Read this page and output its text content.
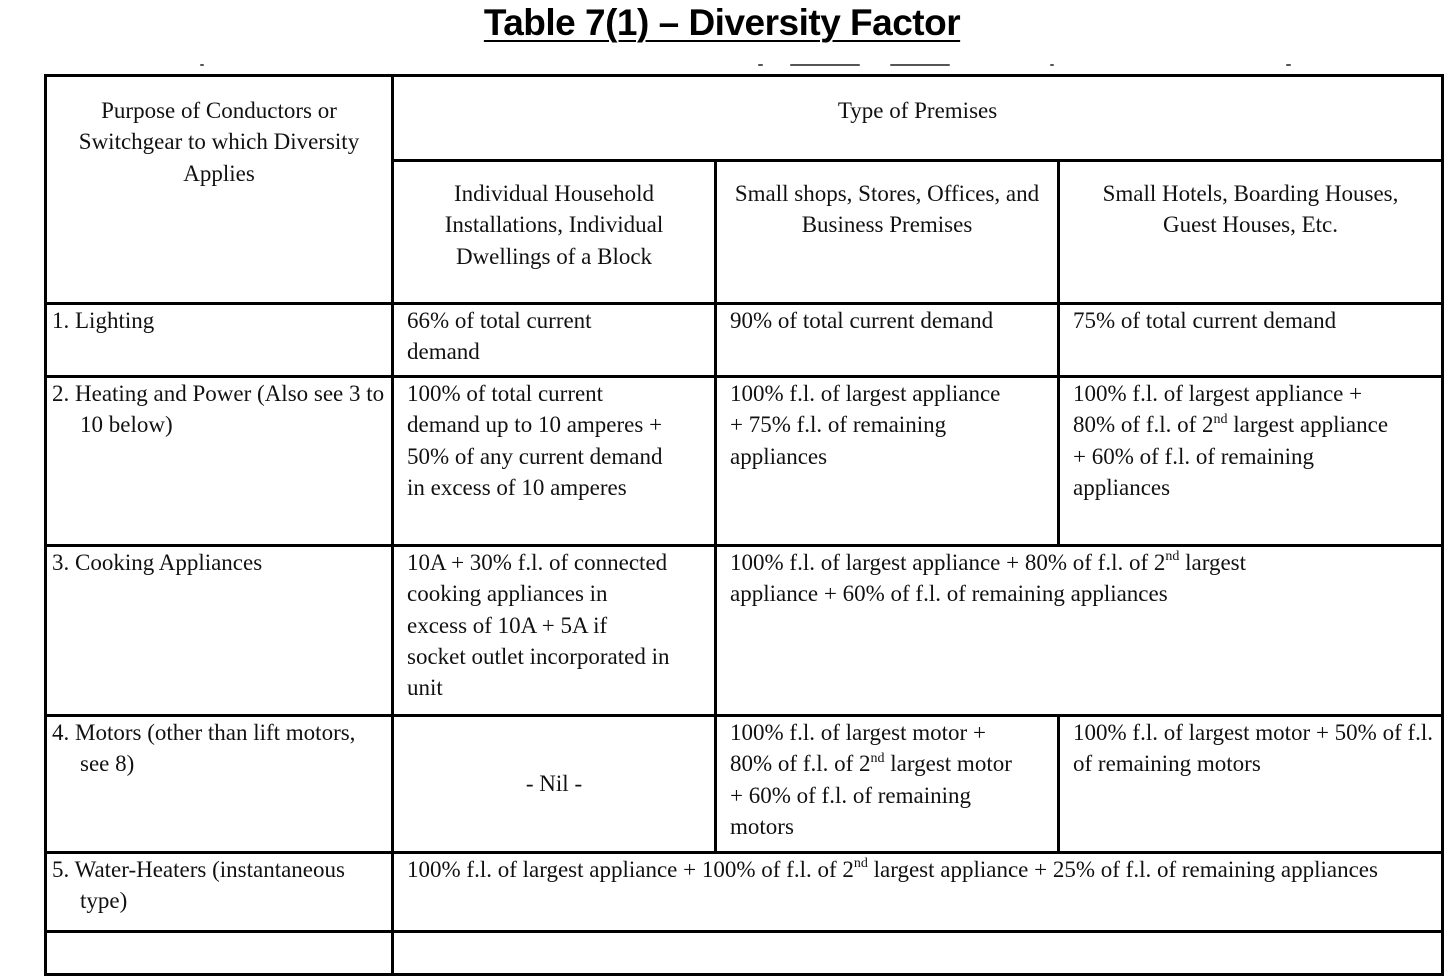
Table 7(1) – Diversity Factor
Purpose of Conductors or Switchgear to which Diversity Applies	Type of Premises		
	Individual Household Installations, Individual Dwellings of a Block	Small shops, Stores, Offices, and Business Premises	Small Hotels, Boarding Houses, Guest Houses, Etc.

1. Lighting	66% of total current demand	90% of total current demand	75% of total current demand

2. Heating and Power (Also see 3 to 10 below)	100% of total current demand up to 10 amperes + 50% of any current demand in excess of 10 amperes	100% f.l. of largest appliance + 75% f.l. of remaining appliances	100% f.l. of largest appliance + 80% of f.l. of 2nd largest appliance + 60% of f.l. of remaining appliances

3. Cooking Appliances	10A + 30% f.l. of connected cooking appliances in excess of 10A + 5A if socket outlet incorporated in unit	100% f.l. of largest appliance + 80% of f.l. of 2nd largest appliance + 60% of f.l. of remaining appliances	

4. Motors (other than lift motors, see 8)	- Nil -	100% f.l. of largest motor + 80% of f.l. of 2nd largest motor + 60% of f.l. of remaining motors	100% f.l. of largest motor + 50% of f.l. of remaining motors

5. Water-Heaters (instantaneous type)	100% f.l. of largest appliance + 100% of f.l. of 2nd largest appliance + 25% of f.l. of remaining appliances		
